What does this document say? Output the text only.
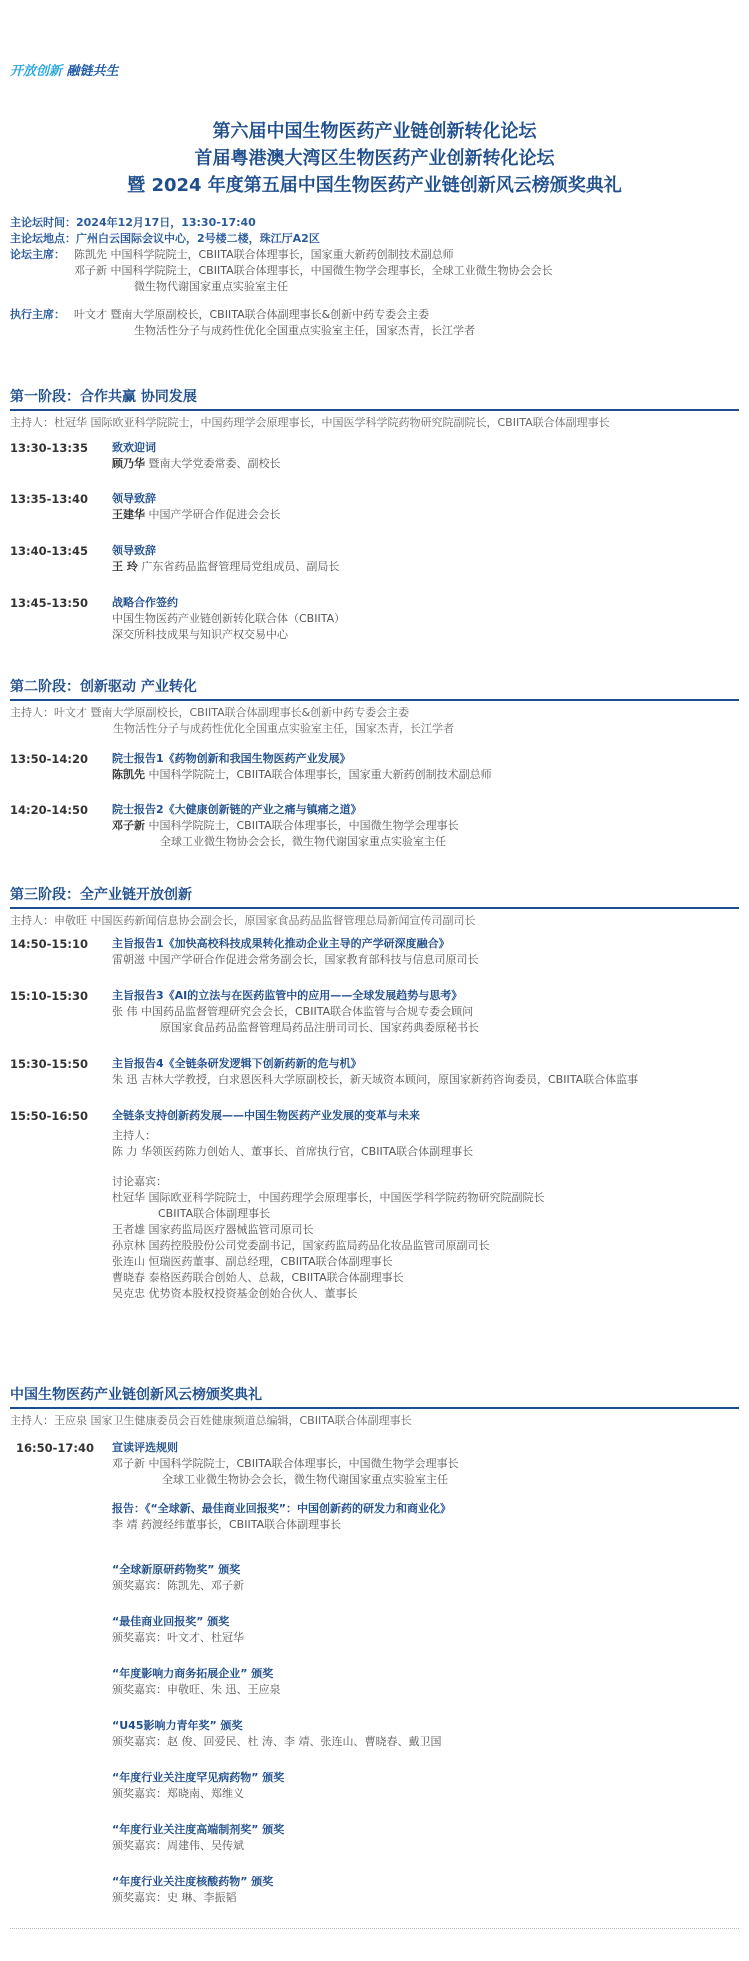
开放创新 融链共生
第六届中国生物医药产业链创新转化论坛
首届粤港澳大湾区生物医药产业创新转化论坛
暨 2024 年度第五届中国生物医药产业链创新风云榜颁奖典礼
主论坛时间： 2024年12月17日，13:30-17:40
主论坛地点： 广州白云国际会议中心，2号楼二楼，珠江厅A2区
论坛主席： 陈凯先 中国科学院院士，CBIITA联合体理事长，国家重大新药创制技术副总师
邓子新 中国科学院院士，CBIITA联合体理事长，中国微生物学会理事长，全球工业微生物协会会长
微生物代谢国家重点实验室主任
执行主席： 叶文才 暨南大学原副校长，CBIITA联合体副理事长&创新中药专委会主委
生物活性分子与成药性优化全国重点实验室主任，国家杰青，长江学者
第一阶段：合作共赢 协同发展
主持人：杜冠华 国际欧亚科学院院士，中国药理学会原理事长，中国医学科学院药物研究院副院长，CBIITA联合体副理事长
13:30-13:35 致欢迎词
顾乃华 暨南大学党委常委、副校长
13:35-13:40 领导致辞
王建华 中国产学研合作促进会会长
13:40-13:45 领导致辞
王 玲 广东省药品监督管理局党组成员、副局长
13:45-13:50 战略合作签约
中国生物医药产业链创新转化联合体（CBIITA）
深交所科技成果与知识产权交易中心
第二阶段：创新驱动 产业转化
主持人：叶文才 暨南大学原副校长，CBIITA联合体副理事长&创新中药专委会主委
生物活性分子与成药性优化全国重点实验室主任，国家杰青，长江学者
13:50-14:20 院士报告1《药物创新和我国生物医药产业发展》
陈凯先 中国科学院院士，CBIITA联合体理事长，国家重大新药创制技术副总师
14:20-14:50 院士报告2《大健康创新链的产业之痛与镇痛之道》
邓子新 中国科学院院士，CBIITA联合体理事长，中国微生物学会理事长
全球工业微生物协会会长，微生物代谢国家重点实验室主任
第三阶段：全产业链开放创新
主持人：申敬旺 中国医药新闻信息协会副会长，原国家食品药品监督管理总局新闻宣传司副司长
14:50-15:10 主旨报告1《加快高校科技成果转化推动企业主导的产学研深度融合》
雷朝滋 中国产学研合作促进会常务副会长，国家教育部科技与信息司原司长
15:10-15:30 主旨报告3《AI的立法与在医药监管中的应用——全球发展趋势与思考》
张 伟 中国药品监督管理研究会会长，CBIITA联合体监管与合规专委会顾问
原国家食品药品监督管理局药品注册司司长、国家药典委原秘书长
15:30-15:50 主旨报告4《全链条研发逻辑下创新药新的危与机》
朱 迅 吉林大学教授，白求恩医科大学原副校长，新天域资本顾问，原国家新药咨询委员，CBIITA联合体监事
15:50-16:50 全链条支持创新药发展——中国生物医药产业发展的变革与未来
主持人：
陈 力 华领医药陈力创始人、董事长、首席执行官，CBIITA联合体副理事长
讨论嘉宾：
杜冠华 国际欧亚科学院院士，中国药理学会原理事长，中国医学科学院药物研究院副院长
CBIITA联合体副理事长
王者雄 国家药监局医疗器械监管司原司长
孙京林 国药控股股份公司党委副书记，国家药监局药品化妆品监管司原副司长
张连山 恒瑞医药董事、副总经理，CBIITA联合体副理事长
曹晓春 泰格医药联合创始人、总裁，CBIITA联合体副理事长
吴克忠 优势资本股权投资基金创始合伙人、董事长
中国生物医药产业链创新风云榜颁奖典礼
主持人：王应泉 国家卫生健康委员会百姓健康频道总编辑，CBIITA联合体副理事长
16:50-17:40 宣读评选规则
邓子新 中国科学院院士，CBIITA联合体理事长，中国微生物学会理事长
全球工业微生物协会会长，微生物代谢国家重点实验室主任
报告：《“全球新、最佳商业回报奖”：中国创新药的研发力和商业化》
李 靖 药渡经纬董事长，CBIITA联合体副理事长
“全球新原研药物奖” 颁奖
颁奖嘉宾：陈凯先、邓子新
“最佳商业回报奖” 颁奖
颁奖嘉宾：叶文才、杜冠华
“年度影响力商务拓展企业” 颁奖
颁奖嘉宾：申敬旺、朱 迅、王应泉
“U45影响力青年奖” 颁奖
颁奖嘉宾：赵 俊、回爱民、杜 涛、李 靖、张连山、曹晓春、戴卫国
“年度行业关注度罕见病药物” 颁奖
颁奖嘉宾：郑晓南、郑维义
“年度行业关注度高端制剂奖” 颁奖
颁奖嘉宾：周建伟、吴传斌
“年度行业关注度核酸药物” 颁奖
颁奖嘉宾：史 琳、李振韬
